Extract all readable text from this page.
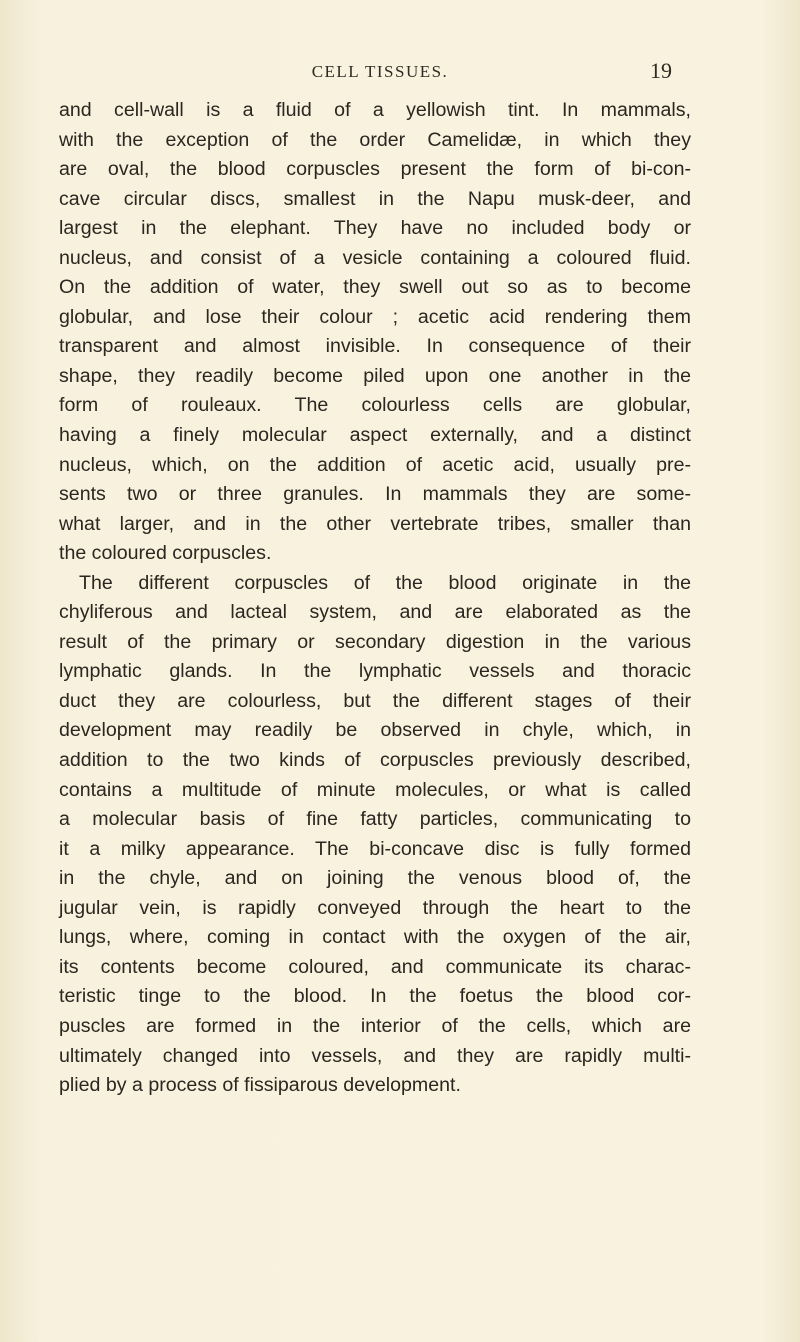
CELL TISSUES.	19
and cell-wall is a fluid of a yellowish tint. In mammals,
with the exception of the order Camelidæ, in which they
are oval, the blood corpuscles present the form of bi-con-
cave circular discs, smallest in the Napu musk-deer, and
largest in the elephant. They have no included body or
nucleus, and consist of a vesicle containing a coloured fluid.
On the addition of water, they swell out so as to become
globular, and lose their colour ; acetic acid rendering them
transparent and almost invisible. In consequence of their
shape, they readily become piled upon one another in the
form of rouleaux. The colourless cells are globular,
having a finely molecular aspect externally, and a distinct
nucleus, which, on the addition of acetic acid, usually pre-
sents two or three granules. In mammals they are some-
what larger, and in the other vertebrate tribes, smaller than
the coloured corpuscles.
The different corpuscles of the blood originate in the
chyliferous and lacteal system, and are elaborated as the
result of the primary or secondary digestion in the various
lymphatic glands. In the lymphatic vessels and thoracic
duct they are colourless, but the different stages of their
development may readily be observed in chyle, which, in
addition to the two kinds of corpuscles previously described,
contains a multitude of minute molecules, or what is called
a molecular basis of fine fatty particles, communicating to
it a milky appearance. The bi-concave disc is fully formed
in the chyle, and on joining the venous blood of, the
jugular vein, is rapidly conveyed through the heart to the
lungs, where, coming in contact with the oxygen of the air,
its contents become coloured, and communicate its charac-
teristic tinge to the blood. In the foetus the blood cor-
puscles are formed in the interior of the cells, which are
ultimately changed into vessels, and they are rapidly multi-
plied by a process of fissiparous development.
